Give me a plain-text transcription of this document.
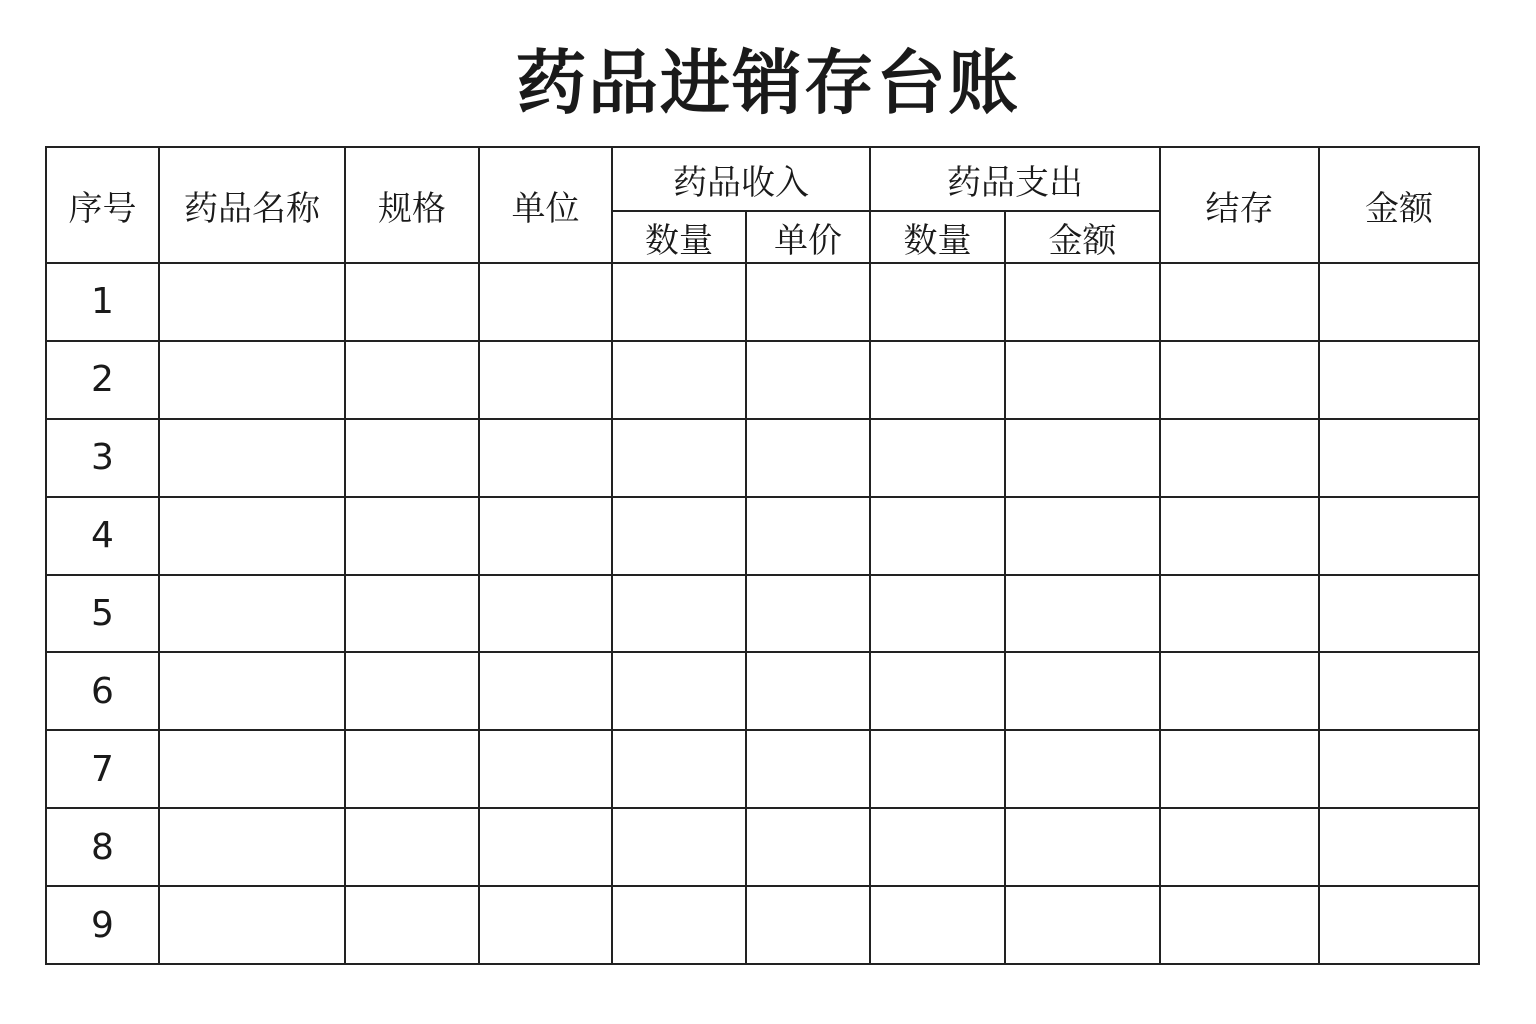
药品进销存台账
序号	药品名称	规格	单位	药品收入		药品支出		结存	金额
				数量	单价	数量	金额		
1									
2									
3									
4									
5									
6									
7									
8									
9									
